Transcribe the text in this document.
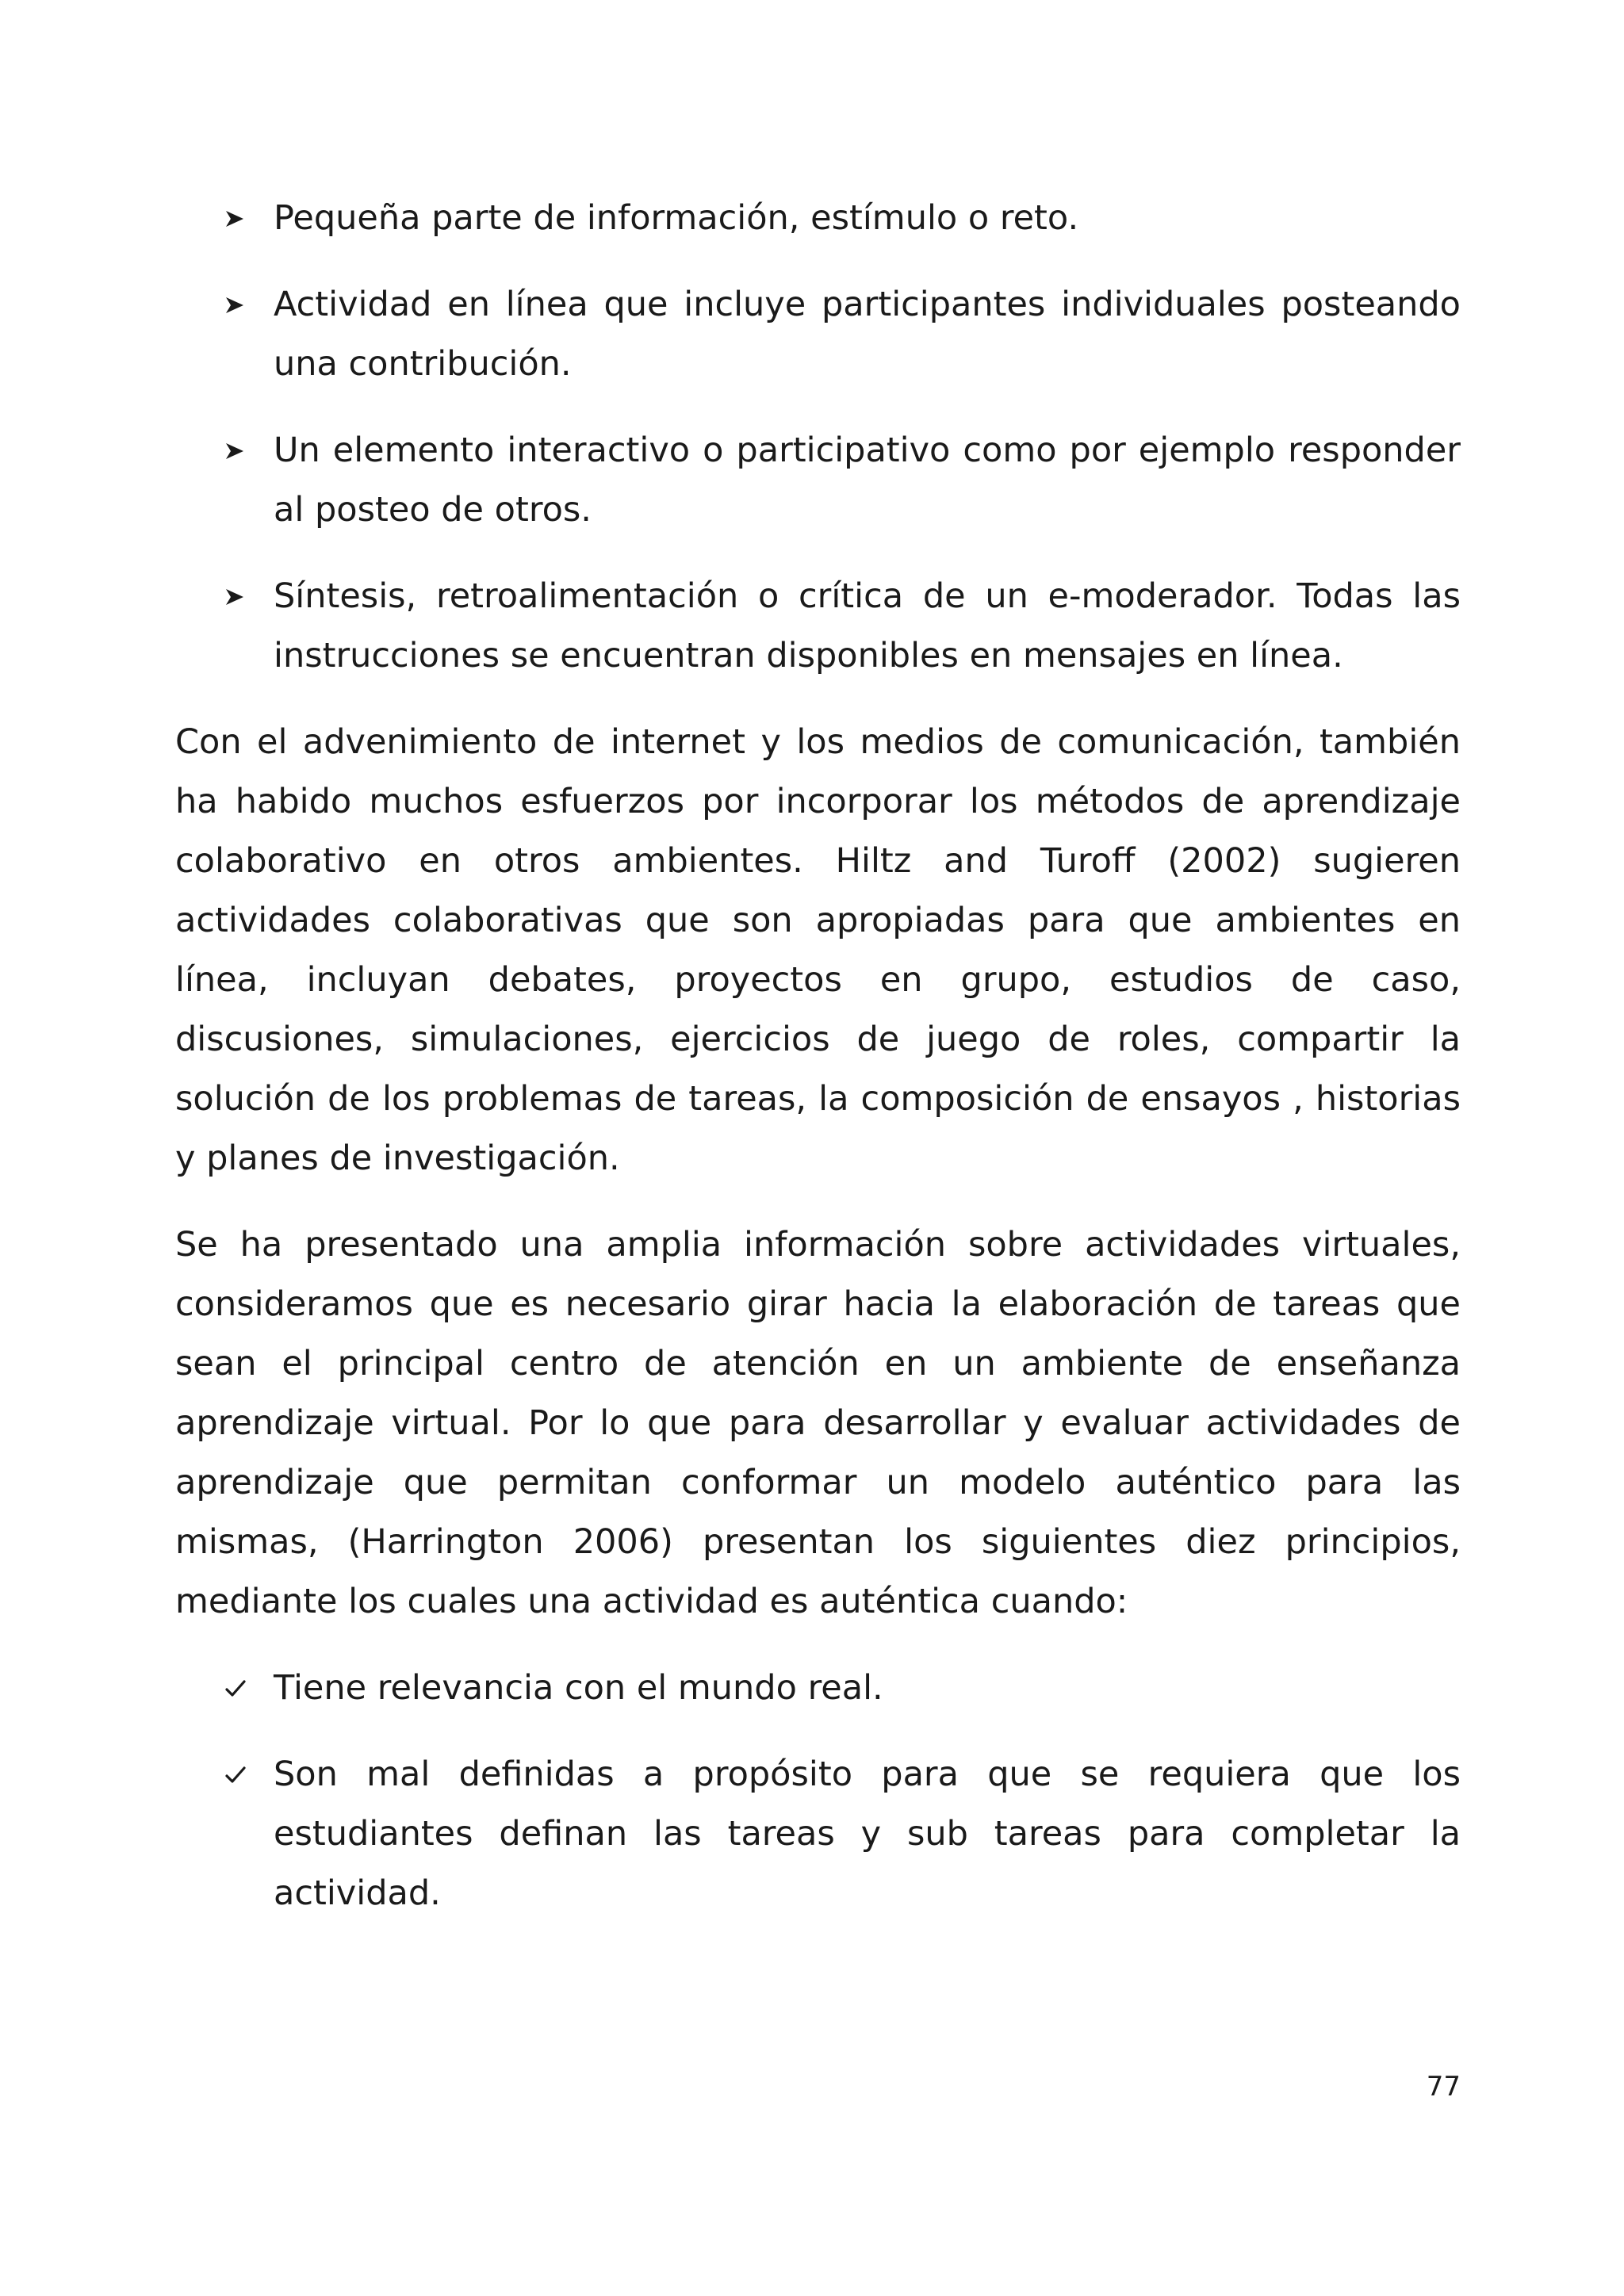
Pequeña parte de información, estímulo o reto.
Actividad en línea que incluye participantes individuales posteando una contribución.
Un elemento interactivo o participativo como por ejemplo responder al posteo de otros.
Síntesis, retroalimentación o crítica de un e-moderador. Todas las instrucciones se encuentran disponibles en mensajes en línea.

Con el advenimiento de internet y los medios de comunicación, también ha habido muchos esfuerzos por incorporar los métodos de aprendizaje colaborativo en otros ambientes. Hiltz and Turoff (2002) sugieren actividades colaborativas que son apropiadas para que ambientes en línea, incluyan debates, proyectos en grupo, estudios de caso, discusiones, simulaciones, ejercicios de juego de roles, compartir la solución de los problemas de tareas, la composición de ensayos , historias y planes de investigación.

Se ha presentado una amplia información sobre actividades virtuales, consideramos que es necesario girar hacia la elaboración de tareas que sean el principal centro de atención en un ambiente de enseñanza aprendizaje virtual. Por lo que para desarrollar y evaluar actividades de aprendizaje que permitan conformar un modelo auténtico para las mismas, (Harrington 2006) presentan los siguientes diez principios, mediante los cuales una actividad es auténtica cuando:

Tiene relevancia con el mundo real.
Son mal definidas a propósito para que se requiera que los estudiantes definan las tareas y sub tareas para completar la actividad.
77
